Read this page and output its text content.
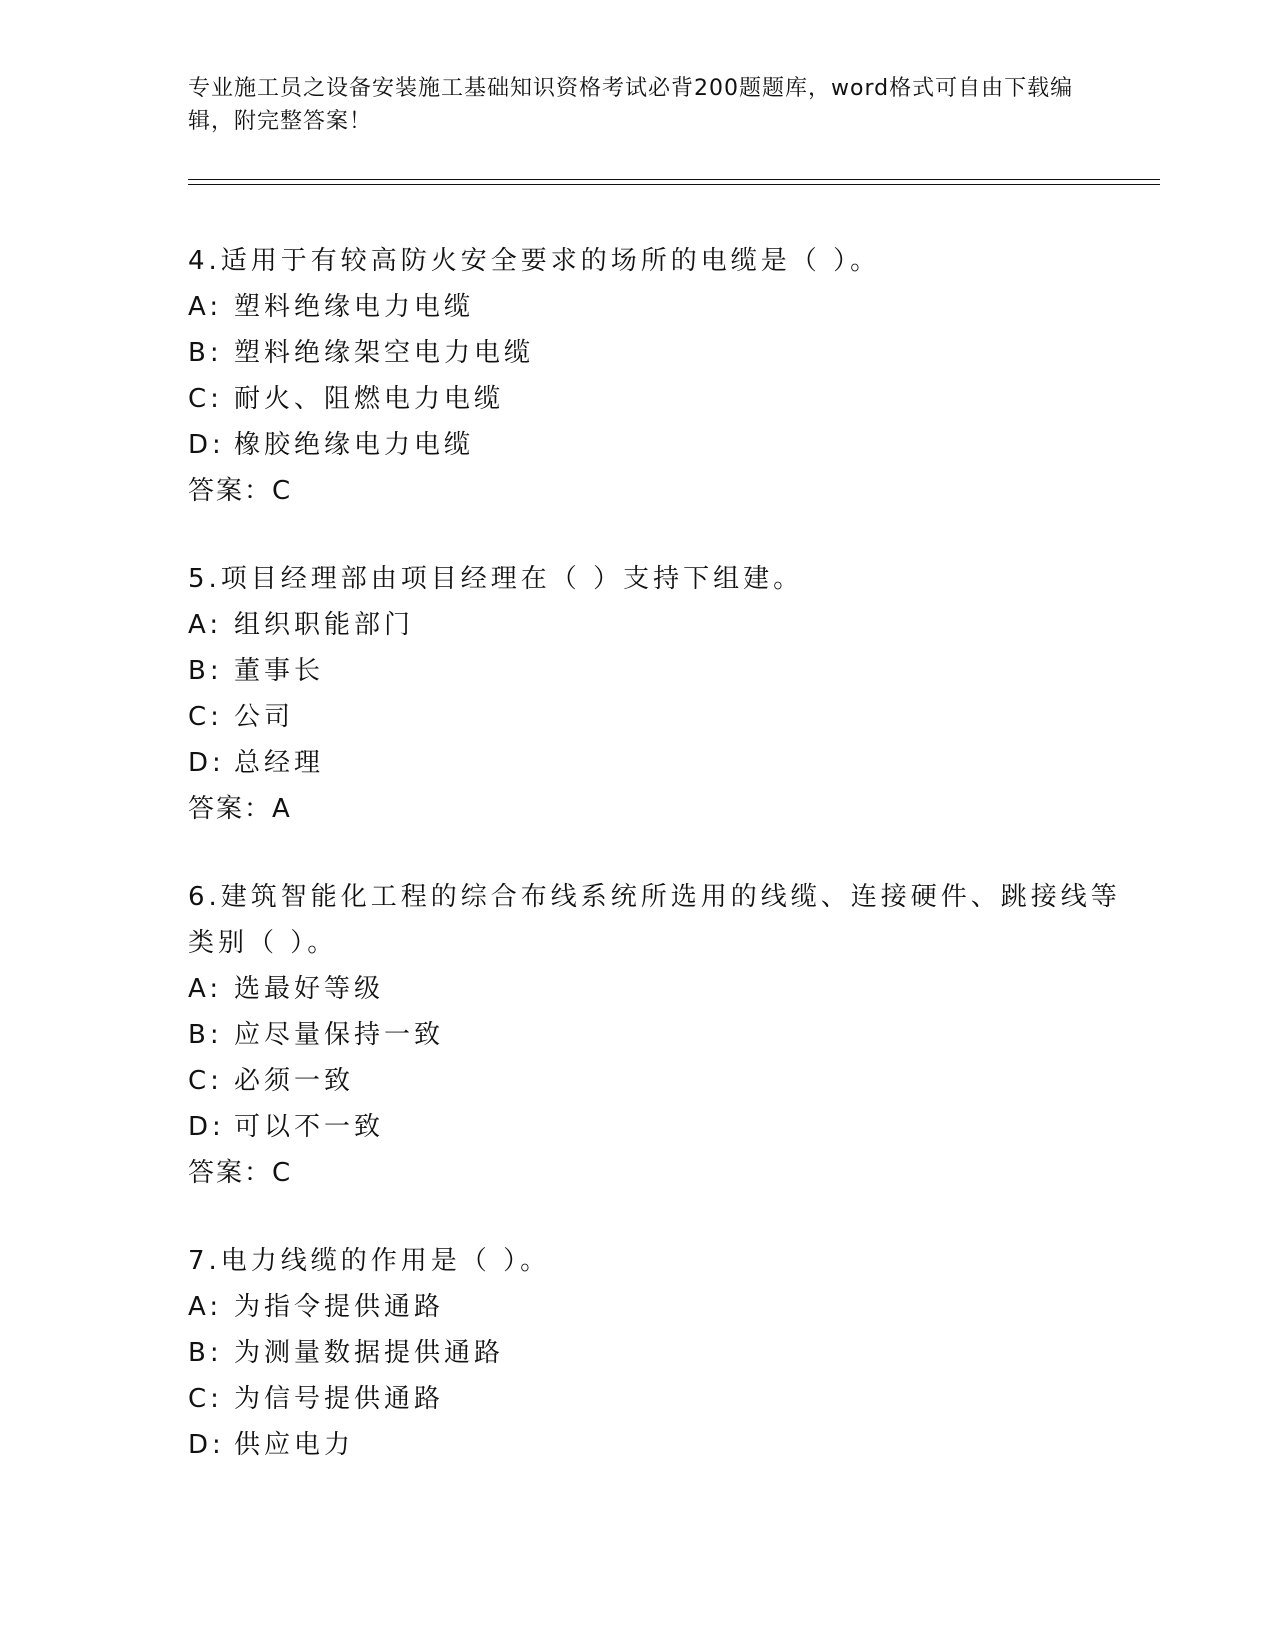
专业施工员之设备安装施工基础知识资格考试必背200题题库，word格式可自由下载编辑，附完整答案！
4.适用于有较高防火安全要求的场所的电缆是（ ）。
A: 塑料绝缘电力电缆
B: 塑料绝缘架空电力电缆
C: 耐火、阻燃电力电缆
D: 橡胶绝缘电力电缆
答案：C
5.项目经理部由项目经理在（ ）支持下组建。
A: 组织职能部门
B: 董事长
C: 公司
D: 总经理
答案：A
6.建筑智能化工程的综合布线系统所选用的线缆、连接硬件、跳接线等类别（ ）。
A: 选最好等级
B: 应尽量保持一致
C: 必须一致
D: 可以不一致
答案：C
7.电力线缆的作用是（ ）。
A: 为指令提供通路
B: 为测量数据提供通路
C: 为信号提供通路
D: 供应电力
